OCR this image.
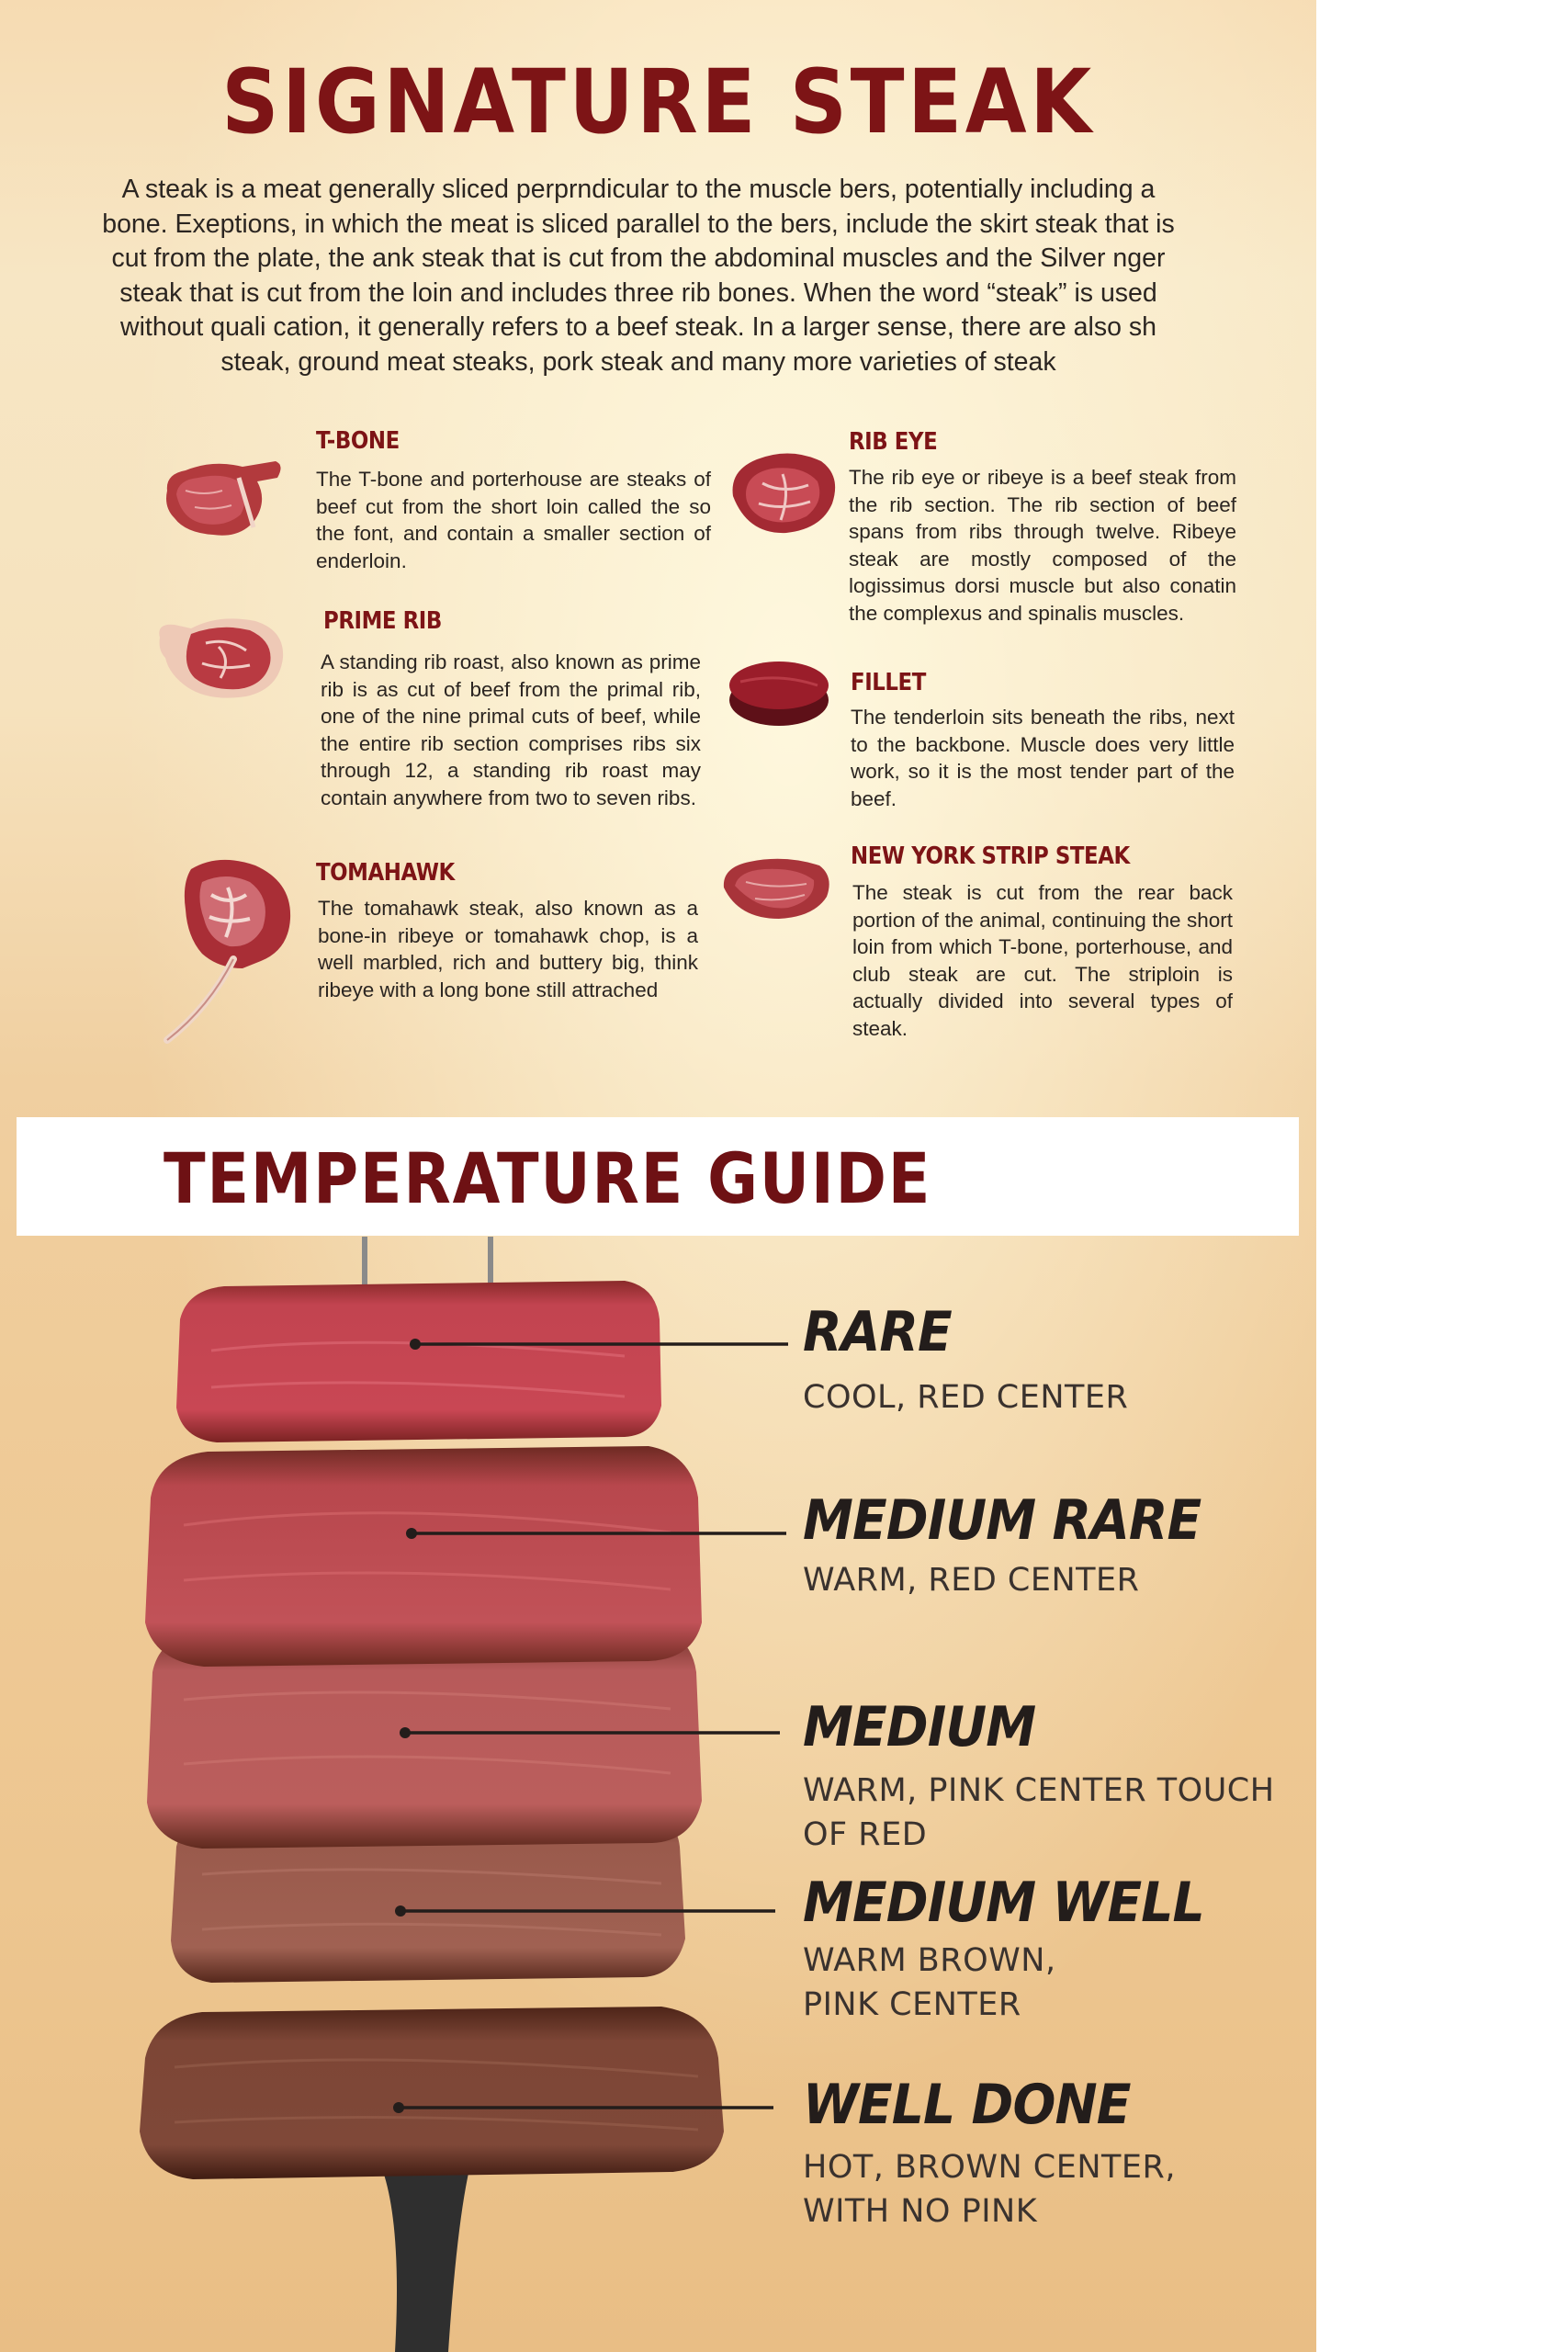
SIGNATURE STEAK
A steak is a meat generally sliced perprndicular to the muscle bers, potentially including a bone. Exeptions, in which the meat is sliced parallel to the bers, include the skirt steak that is cut from the plate, the ank steak that is cut from the abdominal muscles and the Silver nger steak that is cut from the loin and includes three rib bones. When the word “steak” is used without quali cation, it generally refers to a beef steak. In a larger sense, there are also sh steak, ground meat steaks, pork steak and many more varieties of steak
T-BONE
The T-bone and porterhouse are steaks of beef cut from the short loin called the so the font, and contain a smaller section of enderloin.
PRIME RIB
A standing rib roast, also known as prime rib is as cut of beef from the primal rib, one of the nine primal cuts of beef, while the entire rib section comprises ribs six through 12, a standing rib roast may contain anywhere from two to seven ribs.
TOMAHAWK
The tomahawk steak, also known as a bone-in ribeye or tomahawk chop, is a well marbled, rich and buttery big, think ribeye with a long bone still attrached
RIB EYE
The rib eye or ribeye is a beef steak from the rib section. The rib section of beef spans from ribs through twelve. Ribeye steak are mostly composed of the logissimus dorsi muscle but also conatin the complexus and spinalis muscles.
FILLET
The tenderloin sits beneath the ribs, next to the backbone. Muscle does very little work, so it is the most tender part of the beef.
NEW YORK STRIP STEAK
The steak is cut from the rear back portion of the animal, continuing the short loin from which T-bone, porterhouse, and club steak are cut. The striploin is actually divided into several types of steak.
TEMPERATURE GUIDE
RARE
COOL, RED CENTER
MEDIUM RARE
WARM, RED CENTER
MEDIUM
WARM, PINK CENTER TOUCH OF RED
MEDIUM WELL
WARM BROWN, PINK CENTER
WELL DONE
HOT, BROWN CENTER, WITH NO PINK
